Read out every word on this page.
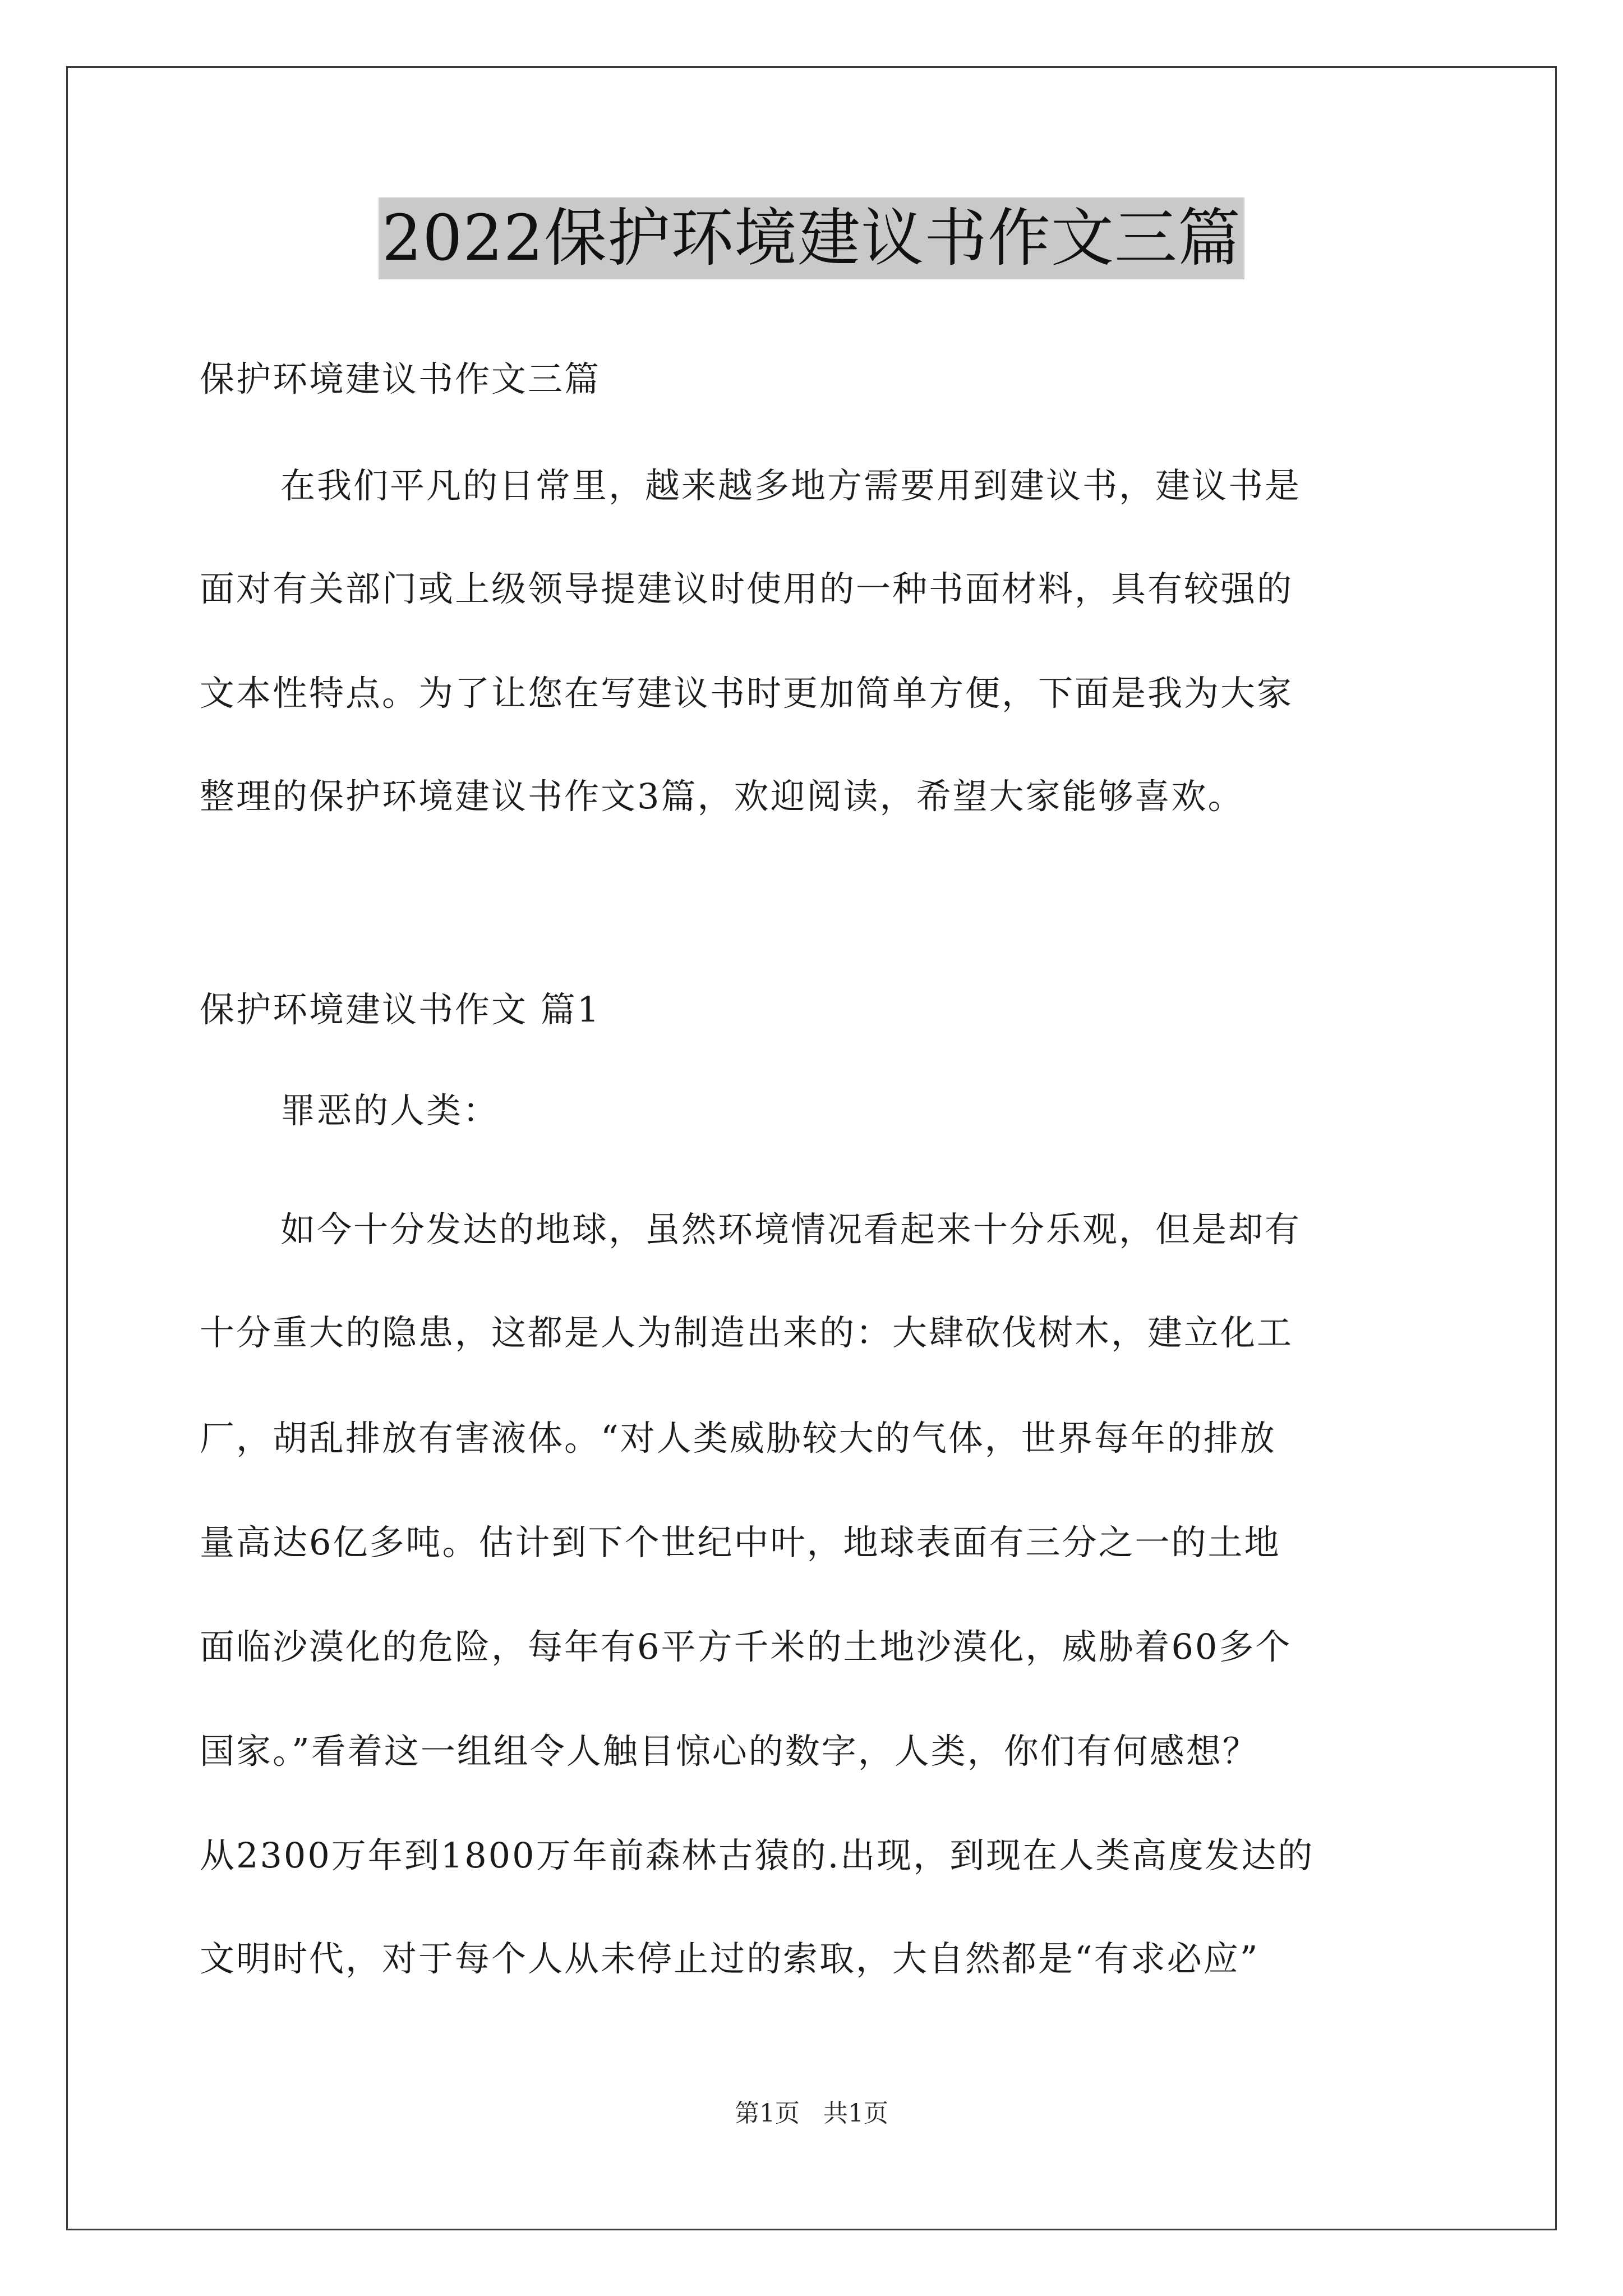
2022保护环境建议书作文三篇

保护环境建议书作文三篇

在我们平凡的日常里，越来越多地方需要用到建议书，建议书是

面对有关部门或上级领导提建议时使用的一种书面材料，具有较强的

文本性特点。为了让您在写建议书时更加简单方便，下面是我为大家

整理的保护环境建议书作文3篇，欢迎阅读，希望大家能够喜欢。

保护环境建议书作文 篇1

罪恶的人类：

如今十分发达的地球，虽然环境情况看起来十分乐观，但是却有

十分重大的隐患，这都是人为制造出来的：大肆砍伐树木，建立化工

厂，胡乱排放有害液体。“对人类威胁较大的气体，世界每年的排放

量高达6亿多吨。估计到下个世纪中叶，地球表面有三分之一的土地

面临沙漠化的危险，每年有6平方千米的土地沙漠化，威胁着60多个

国家。”看着这一组组令人触目惊心的数字，人类，你们有何感想？

从2300万年到1800万年前森林古猿的.出现，到现在人类高度发达的

文明时代，对于每个人从未停止过的索取，大自然都是“有求必应”

第1页 共1页
